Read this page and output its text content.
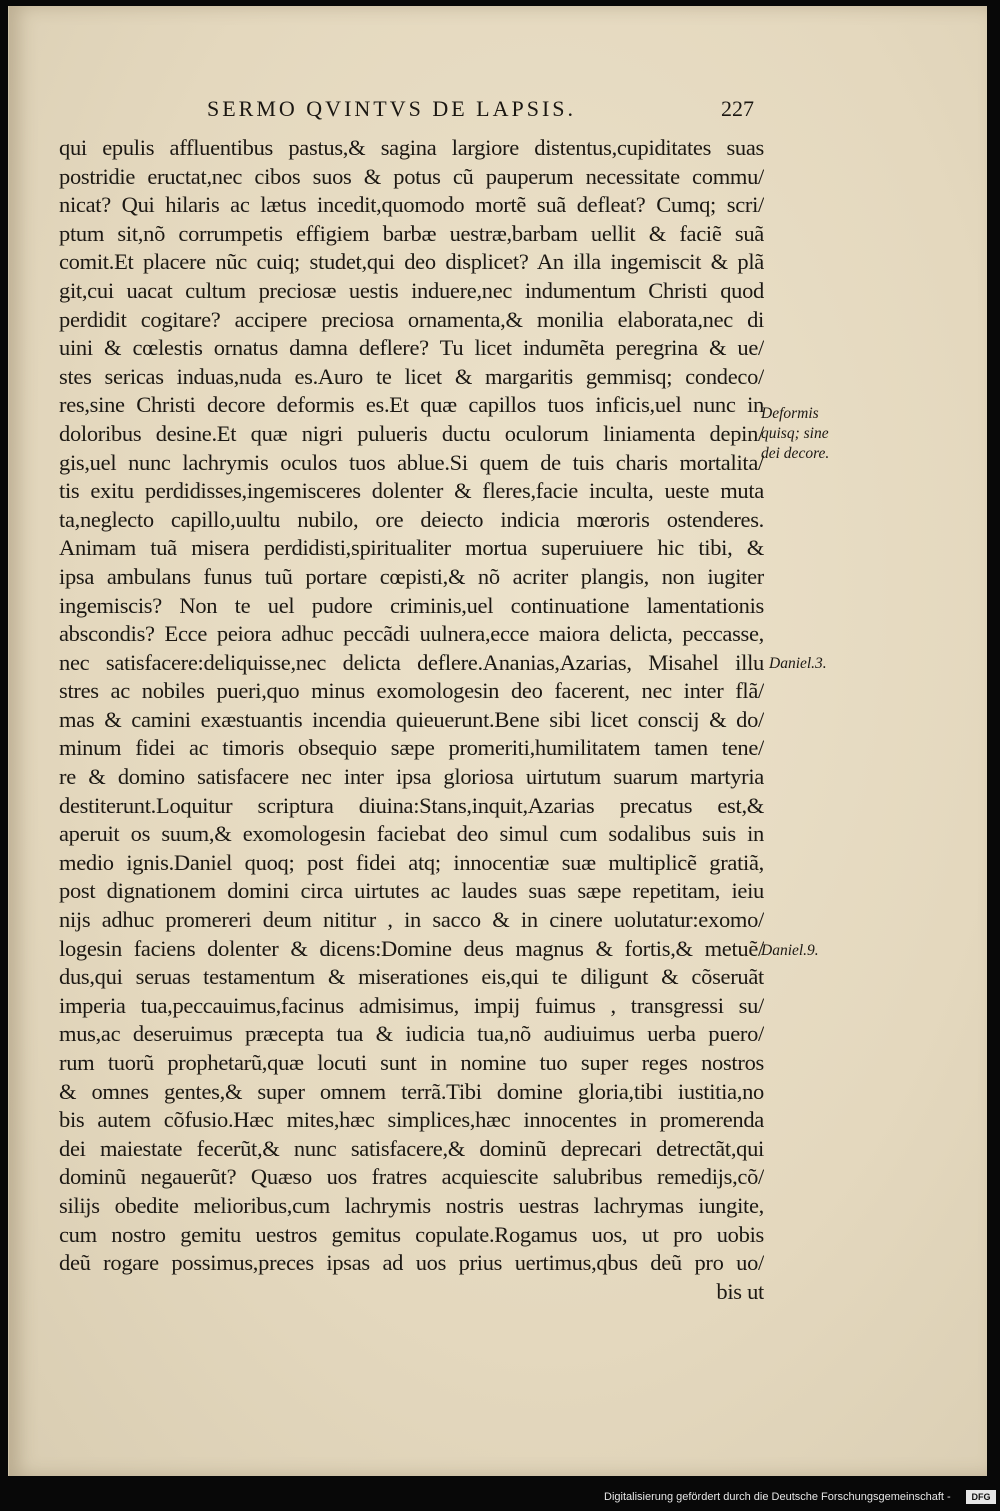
SERMO QVINTVS DE LAPSIS.	227
qui epulis affluentibus pastus,& sagina largiore distentus,cupiditates suas
postridie eructat,nec cibos suos & potus cũ pauperum necessitate commu/
nicat? Qui hilaris ac lætus incedit,quomodo mortẽ suã defleat? Cumq; scri/
ptum sit,nõ corrumpetis effigiem barbæ uestræ,barbam uellit & faciẽ suã
comit.Et placere nũc cuiq; studet,qui deo displicet? An illa ingemiscit & plã
git,cui uacat cultum preciosæ uestis induere,nec indumentum Christi quod
perdidit cogitare? accipere preciosa ornamenta,& monilia elaborata,nec di
uini & cœlestis ornatus damna deflere? Tu licet indumẽta peregrina & ue/
stes sericas induas,nuda es.Auro te licet & margaritis gemmisq; condeco/
res,sine Christi decore deformis es.Et quæ capillos tuos inficis,uel nunc in
doloribus desine.Et quæ nigri pulueris ductu oculorum liniamenta depin/
gis,uel nunc lachrymis oculos tuos ablue.Si quem de tuis charis mortalita/
tis exitu perdidisses,ingemisceres dolenter & fleres,facie inculta, ueste muta
ta,neglecto capillo,uultu nubilo, ore deiecto indicia mœroris ostenderes.
Animam tuã misera perdidisti,spiritualiter mortua superuiuere hic tibi, &
ipsa ambulans funus tuũ portare cœpisti,& nõ acriter plangis, non iugiter
ingemiscis? Non te uel pudore criminis,uel continuatione lamentationis
abscondis? Ecce peiora adhuc peccãdi uulnera,ecce maiora delicta, peccasse,
nec satisfacere:deliquisse,nec delicta deflere.Ananias,Azarias, Misahel illu
stres ac nobiles pueri,quo minus exomologesin deo facerent, nec inter flã/
mas & camini exæstuantis incendia quieuerunt.Bene sibi licet conscij & do/
minum fidei ac timoris obsequio sæpe promeriti,humilitatem tamen tene/
re & domino satisfacere nec inter ipsa gloriosa uirtutum suarum martyria
destiterunt.Loquitur scriptura diuina:Stans,inquit,Azarias precatus est,&
aperuit os suum,& exomologesin faciebat deo simul cum sodalibus suis in
medio ignis.Daniel quoq; post fidei atq; innocentiæ suæ multiplicẽ gratiã,
post dignationem domini circa uirtutes ac laudes suas sæpe repetitam, ieiu
nijs adhuc promereri deum nititur , in sacco & in cinere uolutatur:exomo/
logesin faciens dolenter & dicens:Domine deus magnus & fortis,& metuẽ/
dus,qui seruas testamentum & miserationes eis,qui te diligunt & cõseruãt
imperia tua,peccauimus,facinus admisimus, impij fuimus , transgressi su/
mus,ac deseruimus præcepta tua & iudicia tua,nõ audiuimus uerba puero/
rum tuorũ prophetarũ,quæ locuti sunt in nomine tuo super reges nostros
& omnes gentes,& super omnem terrã.Tibi domine gloria,tibi iustitia,no
bis autem cõfusio.Hæc mites,hæc simplices,hæc innocentes in promerenda
dei maiestate fecerũt,& nunc satisfacere,& dominũ deprecari detrectãt,qui
dominũ negauerũt? Quæso uos fratres acquiescite salubribus remedijs,cõ/
silijs obedite melioribus,cum lachrymis nostris uestras lachrymas iungite,
cum nostro gemitu uestros gemitus copulate.Rogamus uos, ut pro uobis
deũ rogare possimus,preces ipsas ad uos prius uertimus,qbus deũ pro uo/
bis ut
Deformis
quisq; sine
dei decore.
Daniel.3.
Daniel.9.
Digitalisierung gefördert durch die Deutsche Forschungsgemeinschaft -	DFG
